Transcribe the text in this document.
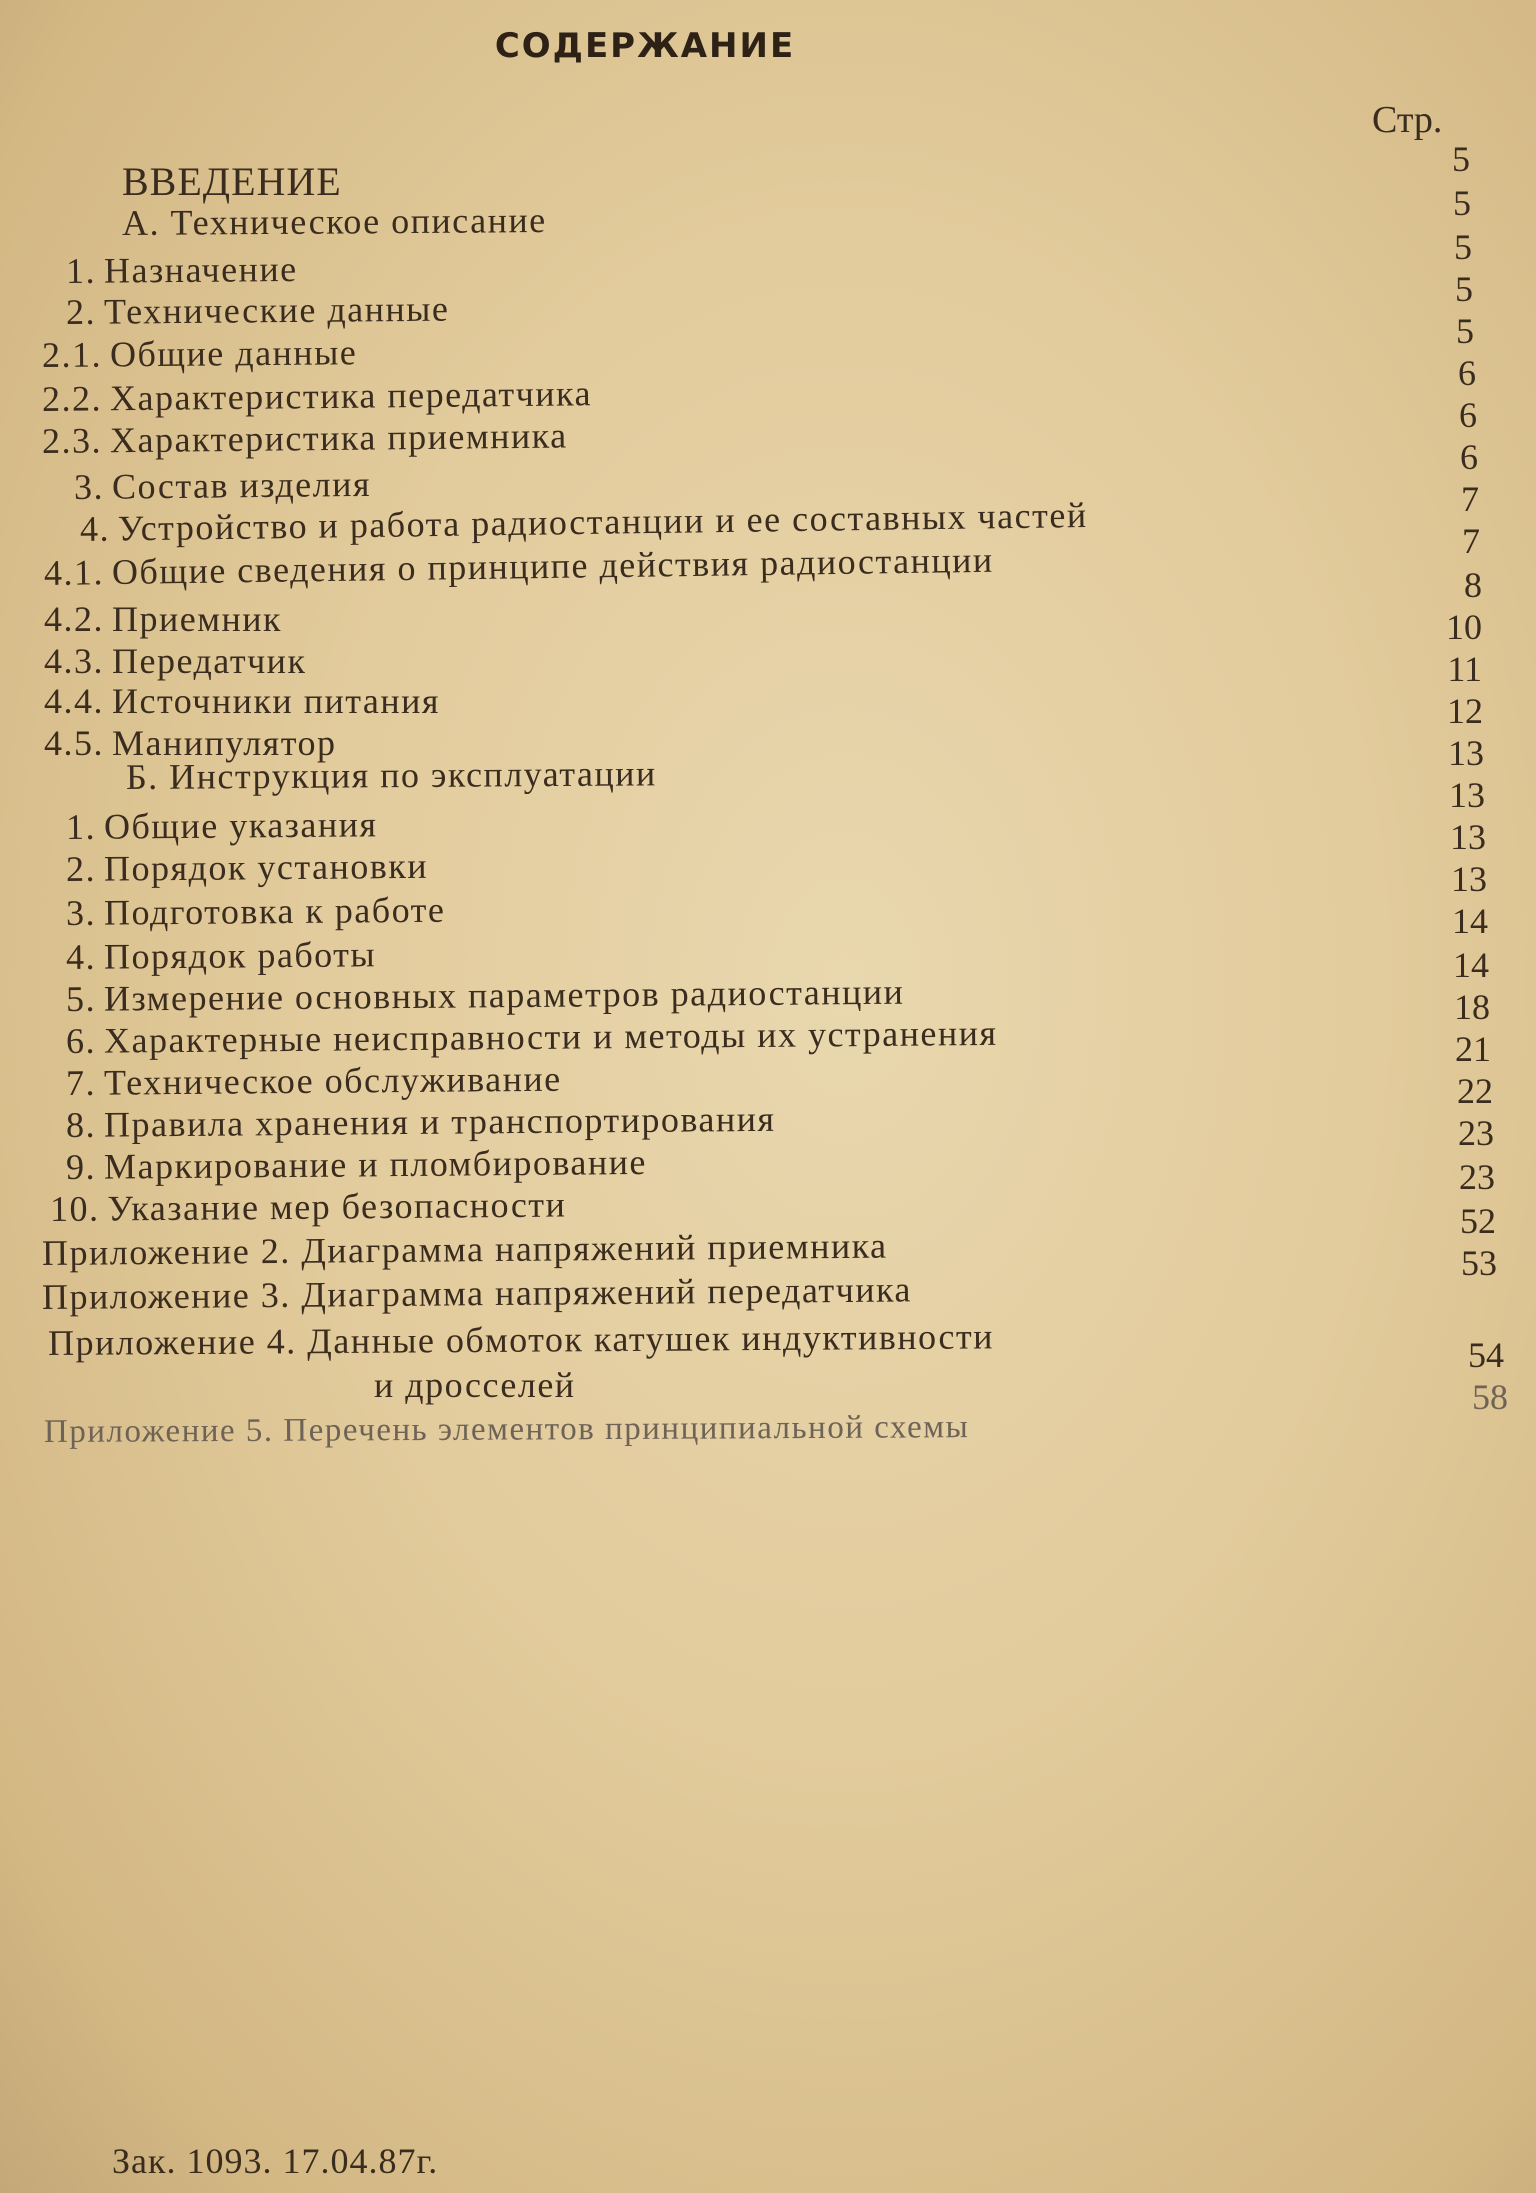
СОДЕРЖАНИЕ
Стр.
ВВЕДЕНИЕ
А. Техническое описание
1. Назначение
2. Технические данные
2.1. Общие данные
2.2. Характеристика передатчика
2.3. Характеристика приемника
3. Состав изделия
4. Устройство и работа радиостанции и ее составных частей
4.1. Общие сведения о принципе действия радиостанции
4.2. Приемник
4.3. Передатчик
4.4. Источники питания
4.5. Манипулятор
Б. Инструкция по эксплуатации
1. Общие указания
2. Порядок установки
3. Подготовка к работе
4. Порядок работы
5. Измерение основных параметров радиостанции
6. Характерные неисправности и методы их устранения
7. Техническое обслуживание
8. Правила хранения и транспортирования
9. Маркирование и пломбирование
10. Указание мер безопасности
Приложение 2. Диаграмма напряжений приемника
Приложение 3. Диаграмма напряжений передатчика
Приложение 4. Данные обмоток катушек индуктивности
и дросселей
Приложение 5. Перечень элементов принципиальной схемы
5
5
5
5
5
6
6
6
7
7
8
10
11
12
13
13
13
13
14
14
18
21
22
23
23
52
53
54
58
Зак. 1093. 17.04.87г.
